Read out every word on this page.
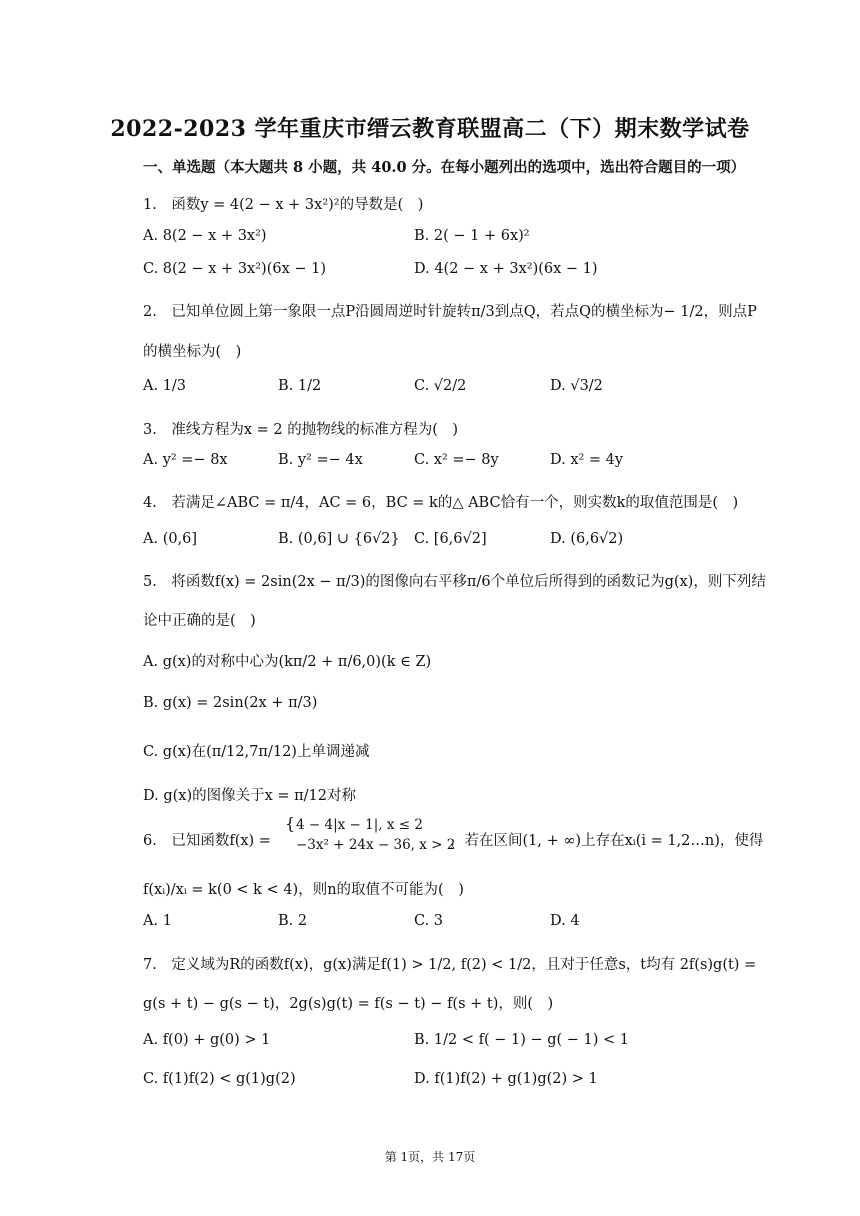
2022-2023 学年重庆市缙云教育联盟高二（下）期末数学试卷
一、单选题（本大题共 8 小题，共 40.0 分。在每小题列出的选项中，选出符合题目的一项）
1.　函数y = 4(2 − x + 3x²)²的导数是(　)
A. 8(2 − x + 3x²)	B. 2( − 1 + 6x)²
C. 8(2 − x + 3x²)(6x − 1)	D. 4(2 − x + 3x²)(6x − 1)
2.　已知单位圆上第一象限一点P沿圆周逆时针旋转π/3到点Q，若点Q的横坐标为− 1/2，则点P
的横坐标为(　)
A. 1/3	B. 1/2	C. √2/2	D. √3/2
3.　准线方程为x = 2 的抛物线的标准方程为(　)
A. y² =− 8x	B. y² =− 4x	C. x² =− 8y	D. x² = 4y
4.　若满足∠ABC = π/4，AC = 6，BC = k的△ ABC恰有一个，则实数k的取值范围是(　)
A. (0,6]	B. (0,6] ∪ {6√2} C. [6,6√2]	D. (6,6√2)
5.　将函数f(x) = 2sin(2x − π/3)的图像向右平移π/6个单位后所得到的函数记为g(x)，则下列结
论中正确的是(　)
A. g(x)的对称中心为(kπ/2 + π/6,0)(k ∈ Z)
B. g(x) = 2sin(2x + π/3)
C. g(x)在(π/12,7π/12)上单调递减
D. g(x)的图像关于x = π/12对称
6.　已知函数f(x) =
{ 4 − 4|x − 1|, x ≤ 2
−3x² + 24x − 36, x > 2
，若在区间(1, + ∞)上存在xᵢ(i = 1,2…n)，使得
f(xᵢ)/xᵢ = k(0 < k < 4)，则n的取值不可能为(　)
A. 1	B. 2	C. 3	D. 4
7.　定义域为R的函数f(x)，g(x)满足f(1) > 1/2, f(2) < 1/2，且对于任意s，t均有 2f(s)g(t) =
g(s + t) − g(s − t)，2g(s)g(t) = f(s − t) − f(s + t)，则(　)
A. f(0) + g(0) > 1	B. 1/2 < f( − 1) − g( − 1) < 1
C. f(1)f(2) < g(1)g(2)	D. f(1)f(2) + g(1)g(2) > 1
第 1页，共 17页
